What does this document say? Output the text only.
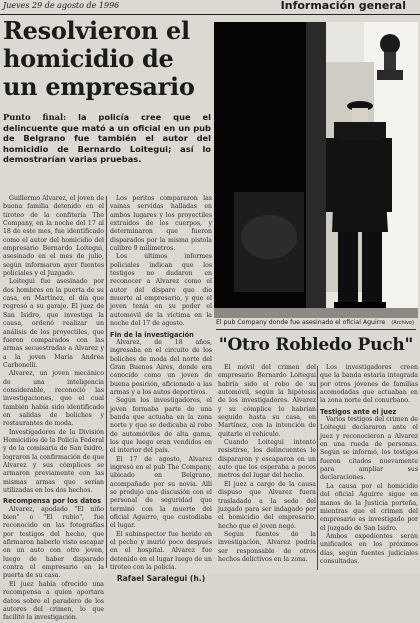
Jueves 29 de agosto de 1996	Información general
Resolvieron el homicidio de un empresario

Punto final: la policía cree que el delincuente que mató a un oficial en un pub de Belgrano fue también el autor del homicidio de Bernardo Loitegui; así lo demostrarían varias pruebas.

Guillermo Alvarez, el joven de buena familia detenido en el tiroteo de la confitería The Company, en la noche del 17 al 18 de este mes, fue identificado como el autor del homicidio del empresario Bernardo Loitegui, asesinado en el mes de julio, según informaron ayer fuentes policiales y el Juzgado.

Loitegui fue asesinado por dos hombres en la puerta de su casa, en Martínez, el día que regresó a su garaje. El juez de San Isidro, que investiga la causa, ordenó realizar un análisis de los proyectiles, que fueron comparados con las armas secuestradas a Alvarez y a la joven María Andrea Carbonelli.

Alvarez, un joven mecánico de una inteligencia considerable, reconoció las investigaciones, que el cual también había sido identificado en salidas de boliches y restaurantes de moda.

Investigadores de la División Homicidios de la Policía Federal y de la comisaría de San Isidro, lograron la confirmación de que Alvarez y sus cómplices se armaron previamente con las mismas armas que serían utilizadas en los dos hechos.

Recompensa por los datos

Alvarez, apodado "El niño bien" o "El rubio", fue reconocido en las fotografías por testigos del hecho, que afirmaron haberlo visto escapar en un auto con otro joven, luego de haber disparado contra el empresario en la puerta de su casa.

El juez había ofrecido una recompensa a quien aportara datos sobre el paradero de los autores del crimen, lo que facilitó la investigación.

Los peritos compararon las vainas servidas halladas en ambos lugares y los proyectiles extraídos de los cuerpos, y determinaron que fueron disparados por la misma pistola calibre 9 milímetros.

Los últimos informes policiales indican que los testigos no dudaron en reconocer a Alvarez como el autor del disparo que dio muerte al empresario, y que el joven tenía en su poder el automóvil de la víctima en la noche del 17 de agosto.

Fin de la investigación

Alvarez, de 18 años, ingresaba en el circuito de los boliches de moda del norte del Gran Buenos Aires, donde era conocido como un joven de buena posición, aficionado a las armas y a los autos deportivos.

Según los investigadores, el joven formaba parte de una banda que actuaba en la zona norte y que se dedicaba al robo de automóviles de alta gama, los que luego eran vendidos en el interior del país.

El 17 de agosto, Alvarez ingresó en el pub The Company, ubicado en Belgrano, acompañado por su novia. Allí se produjo una discusión con el personal de seguridad que terminó con la muerte del oficial Aguirre, que custodiaba el lugar.

El subinspector fue herido en el pecho y murió poco después en el hospital. Alvarez fue detenido en el lugar luego de un tiroteo con la policía.

Rafael Saralegui (h.)

El pub Company donde fue asesinado el oficial Aguirre (Archivo)
"Otro Robledo Puch"

El móvil del crimen del empresario Bernardo Loitegui habría sido el robo de su automóvil, según la hipótesis de los investigadores. Alvarez y su cómplice lo habrían seguido hasta su casa, en Martínez, con la intención de quitarle el vehículo.

Cuando Loitegui intentó resistirse, los delincuentes le dispararon y escaparon en un auto que los esperaba a pocos metros del lugar del hecho.

El juez a cargo de la causa dispuso que Alvarez fuera trasladado a la sede del juzgado para ser indagado por el homicidio del empresario, hecho que el joven negó.

Según fuentes de la investigación, Alvarez podría ser responsable de otros hechos delictivos en la zona.

Los investigadores creen que la banda estaría integrada por otros jóvenes de familias acomodadas que actuaban en la zona norte del conurbano.

Testigos ante el juez

Varios testigos del crimen de Loitegui declararon ante el juez y reconocieron a Alvarez en una rueda de personas. Según se informó, los testigos fueron citados nuevamente para ampliar sus declaraciones.

La causa por el homicidio del oficial Aguirre sigue en manos de la Justicia porteña, mientras que el crimen del empresario es investigado por el juzgado de San Isidro.

Ambos expedientes serán unificados en los próximos días, según fuentes judiciales consultadas.
